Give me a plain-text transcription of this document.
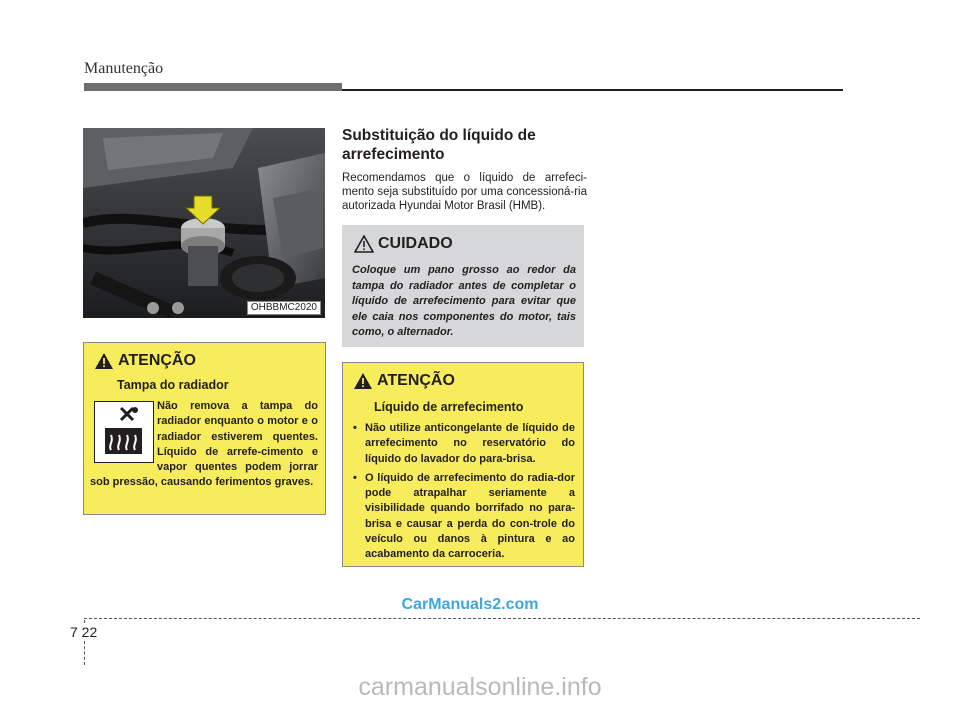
Manutenção
OHBBMC2020
Substituição do líquido de arrefecimento
Recomendamos que o líquido de arrefeci-mento seja substituído por uma concessioná-ria autorizada Hyundai Motor Brasil (HMB).
CUIDADO
Coloque um pano grosso ao redor da tampa do radiador antes de completar o líquido de arrefecimento para evitar que ele caia nos componentes do motor, tais como, o alternador.
ATENÇÃO
Tampa do radiador
Não remova a tampa do radiador enquanto o motor e o radiador estiverem quentes. Líquido de arrefe-cimento e vapor quentes podem jorrar sob pressão, causando ferimentos graves.
ATENÇÃO
Líquido de arrefecimento
• Não utilize anticongelante de líquido de arrefecimento no reservatório do líquido do lavador do para-brisa.
• O líquido de arrefecimento do radia-dor pode atrapalhar seriamente a visibilidade quando borrifado no para-brisa e causar a perda do con-trole do veículo ou danos à pintura e ao acabamento da carroceria.
CarManuals2.com
7 22
carmanualsonline.info
